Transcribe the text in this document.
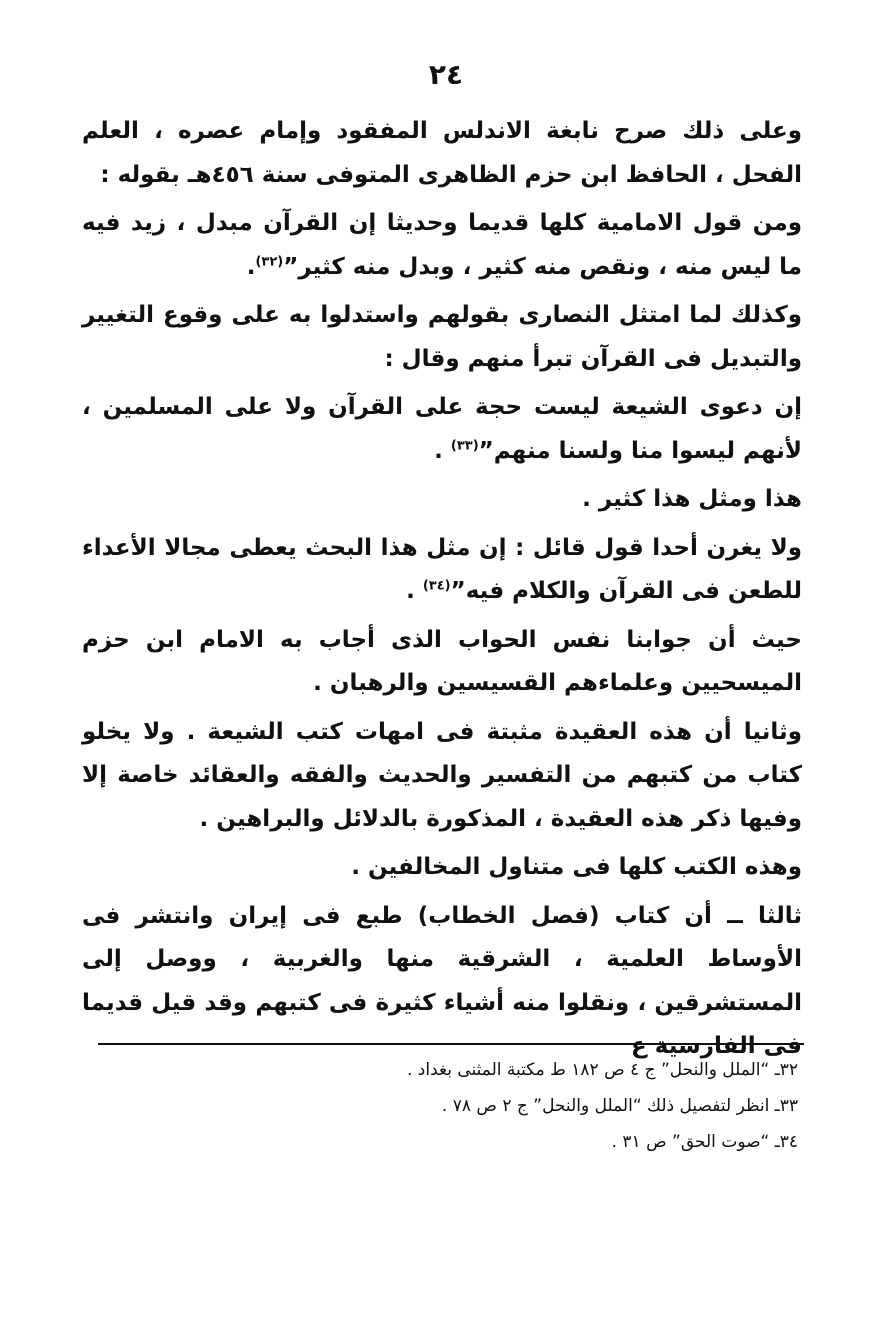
٢٤

وعلى ذلك صرح نابغة الاندلس المفقود وإمام عصره ، العلم الفحل ، الحافظ ابن حزم الظاهرى المتوفى سنة ٤٥٦هـ بقوله :

ومن قول الامامية كلها قديما وحديثا إن القرآن مبدل ، زيد فيه ما ليس منه ، ونقص منه كثير ، وبدل منه كثير”$^{(٣٢)}$.

وكذلك لما امتثل النصارى بقولهم واستدلوا به على وقوع التغيير والتبديل فى القرآن تبرأ منهم وقال :

إن دعوى الشيعة ليست حجة على القرآن ولا على المسلمين ، لأنهم ليسوا منا ولسنا منهم”$^{(٣٣)}$ .

هذا ومثل هذا كثير .

ولا يغرن أحدا قول قائل : إن مثل هذا البحث يعطى مجالا الأعداء للطعن فى القرآن والكلام فيه”$^{(٣٤)}$ .

حيث أن جوابنا نفس الحواب الذى أجاب به الامام ابن حزم الميسحيين وعلماءهم القسيسين والرهبان .

وثانيا أن هذه العقيدة مثبتة فى امهات كتب الشيعة . ولا يخلو كتاب من كتبهم من التفسير والحديث والفقه والعقائد خاصة إلا وفيها ذكر هذه العقيدة ، المذكورة بالدلائل والبراهين .

وهذه الكتب كلها فى متناول المخالفين .

ثالثا ــ أن كتاب (فصل الخطاب) طبع فى إيران وانتشر فى الأوساط العلمية ، الشرقية منها والغربية ، ووصل إلى المستشرقين ، ونقلوا منه أشياء كثيرة فى كتبهم وقد قيل قديما فى الفارسية ع

٣٢ـ “الملل والنحل” ج ٤ ص ١٨٢ ط مكتبة المثنى بغداد .

٣٣ـ انظر لتفصيل ذلك “الملل والنحل” ج ٢ ص ٧٨ .

٣٤ـ “صوت الحق” ص ٣١ .
